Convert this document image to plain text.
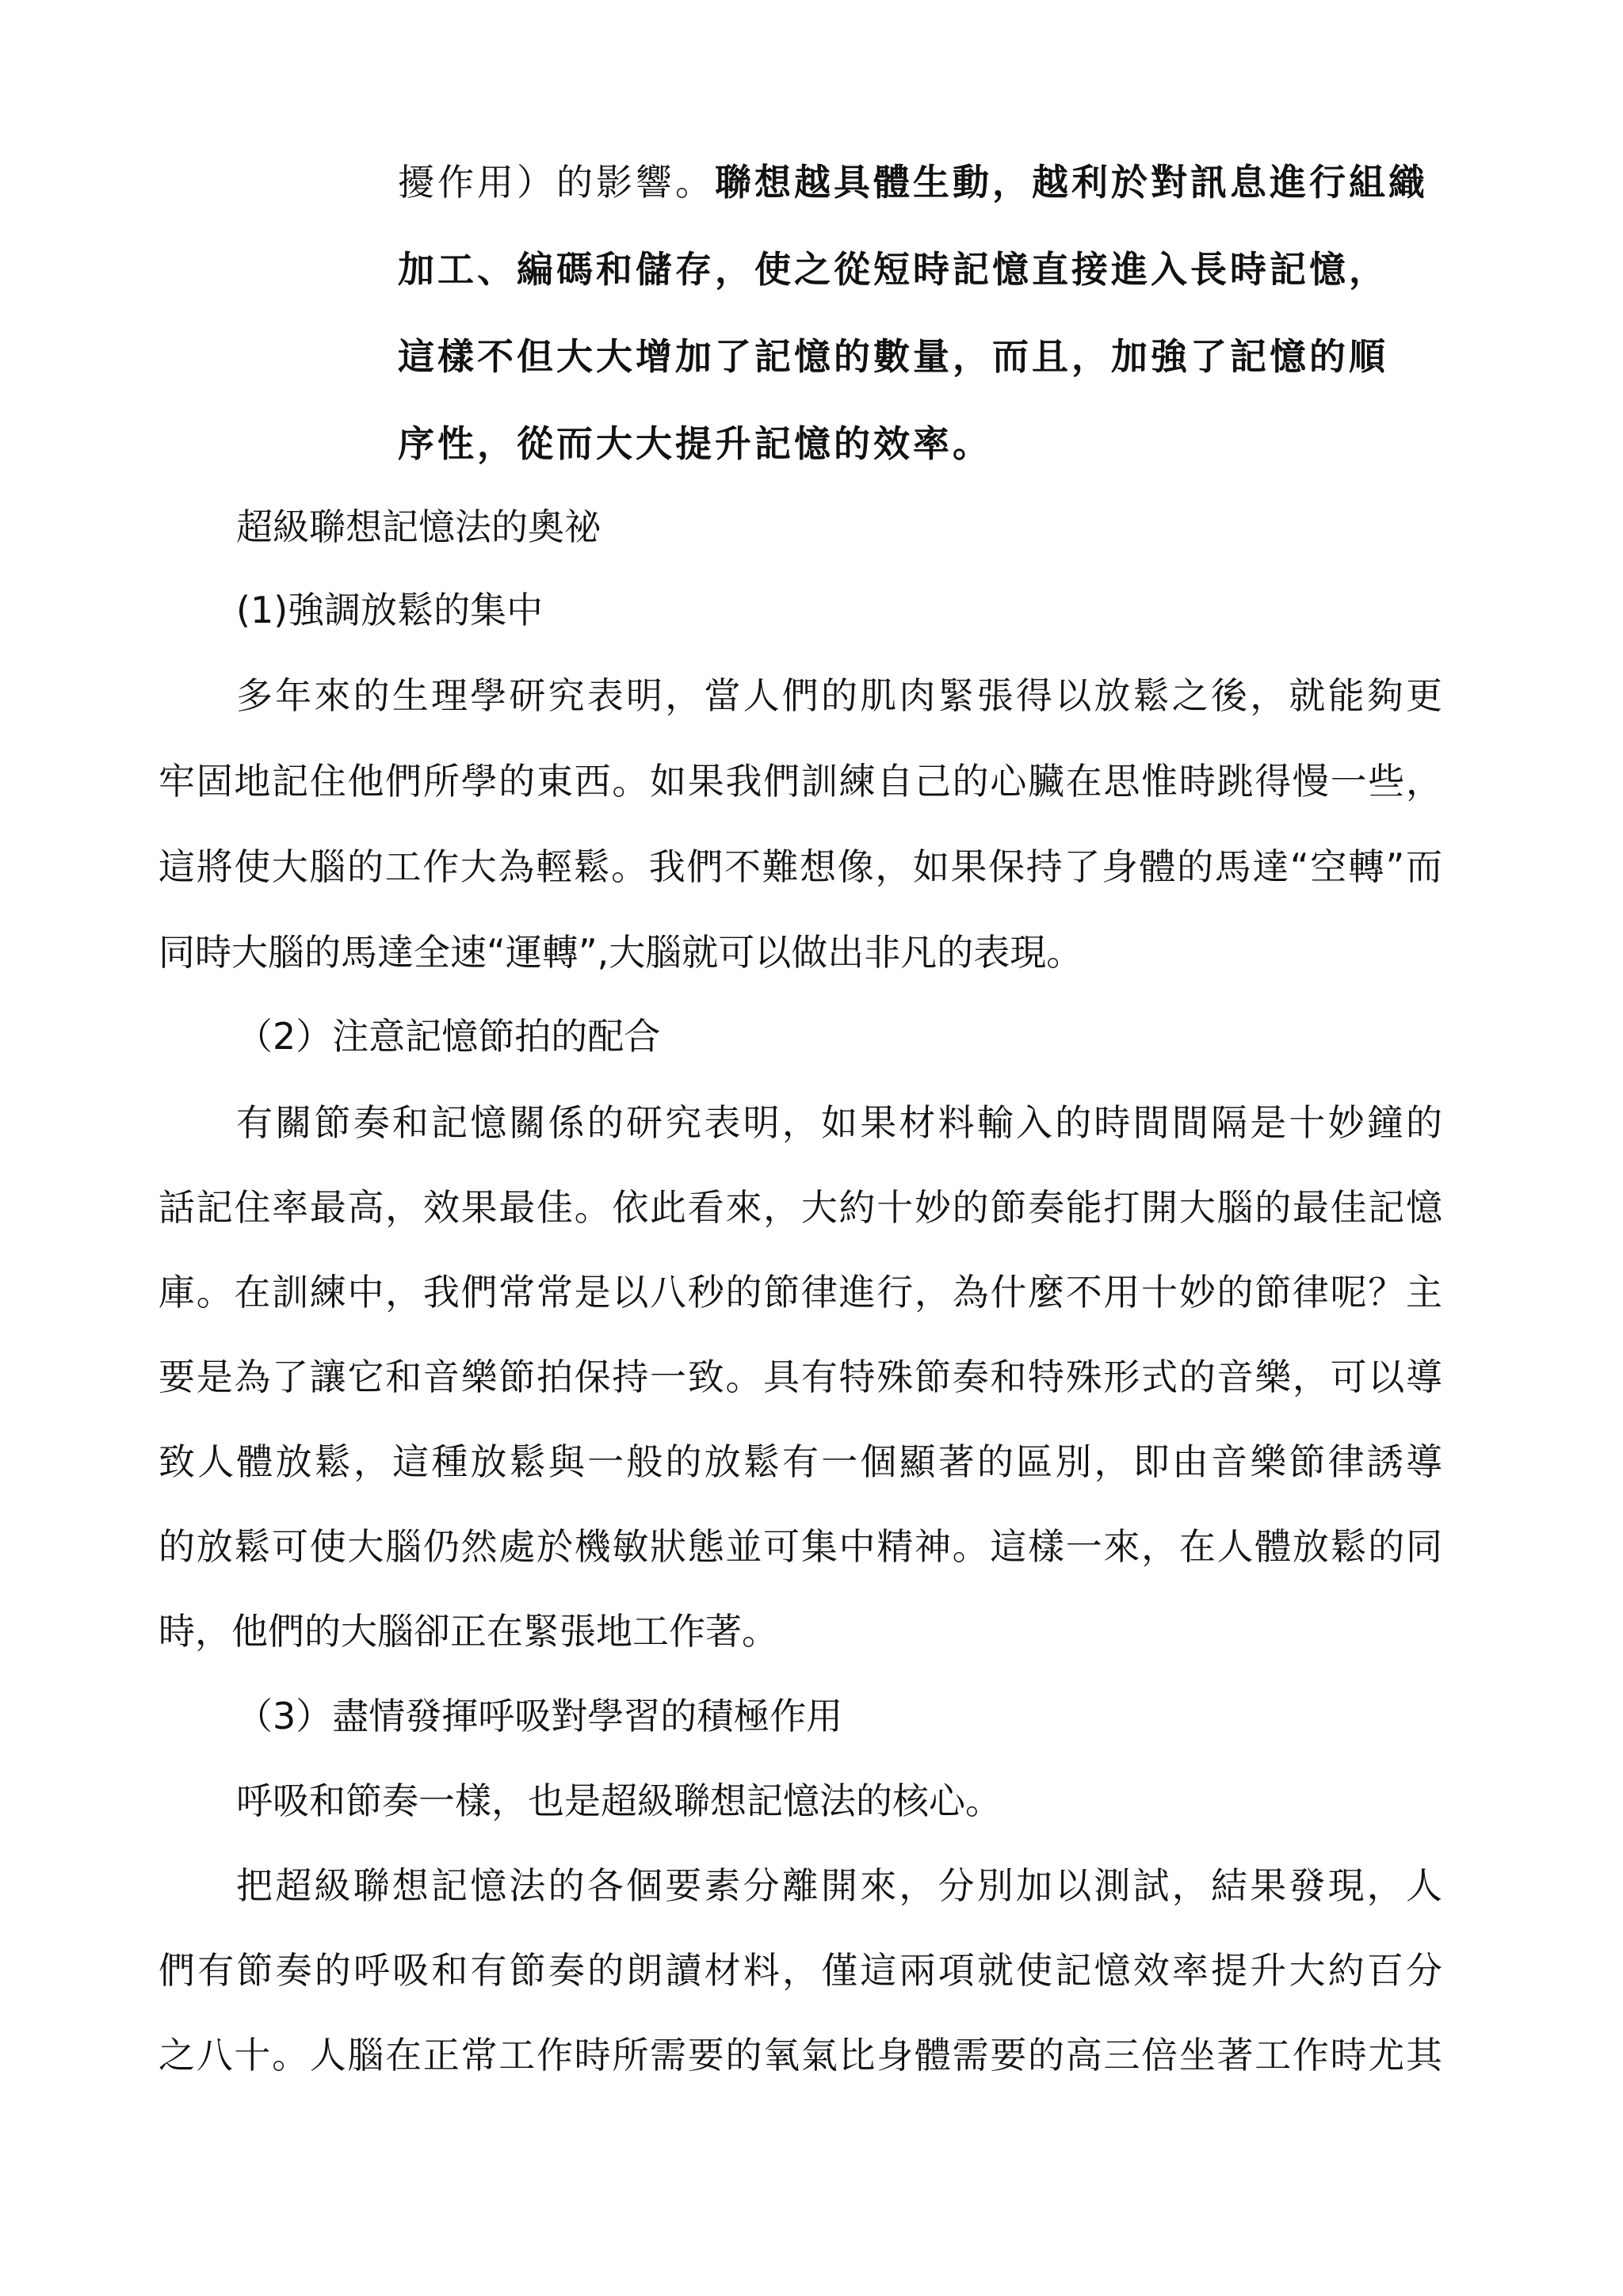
擾作用）的影響。聯想越具體生動，越利於對訊息進行組織

加工、編碼和儲存，使之從短時記憶直接進入長時記憶，

這樣不但大大增加了記憶的數量，而且，加強了記憶的順

序性，從而大大提升記憶的效率。

超級聯想記憶法的奧祕

(1)強調放鬆的集中

多年來的生理學研究表明，當人們的肌肉緊張得以放鬆之後，就能夠更

牢固地記住他們所學的東西。如果我們訓練自己的心臟在思惟時跳得慢一些，

這將使大腦的工作大為輕鬆。我們不難想像，如果保持了身體的馬達“空轉”而

同時大腦的馬達全速“運轉”,大腦就可以做出非凡的表現。

（2）注意記憶節拍的配合

有關節奏和記憶關係的研究表明，如果材料輸入的時間間隔是十妙鐘的

話記住率最高，效果最佳。依此看來，大約十妙的節奏能打開大腦的最佳記憶

庫。在訓練中，我們常常是以八秒的節律進行，為什麼不用十妙的節律呢？主

要是為了讓它和音樂節拍保持一致。具有特殊節奏和特殊形式的音樂，可以導

致人體放鬆，這種放鬆與一般的放鬆有一個顯著的區別，即由音樂節律誘導

的放鬆可使大腦仍然處於機敏狀態並可集中精神。這樣一來，在人體放鬆的同

時，他們的大腦卻正在緊張地工作著。

（3）盡情發揮呼吸對學習的積極作用

呼吸和節奏一樣，也是超級聯想記憶法的核心。

把超級聯想記憶法的各個要素分離開來，分別加以測試，結果發現，人

們有節奏的呼吸和有節奏的朗讀材料，僅這兩項就使記憶效率提升大約百分

之八十。人腦在正常工作時所需要的氧氣比身體需要的高三倍坐著工作時尤其
